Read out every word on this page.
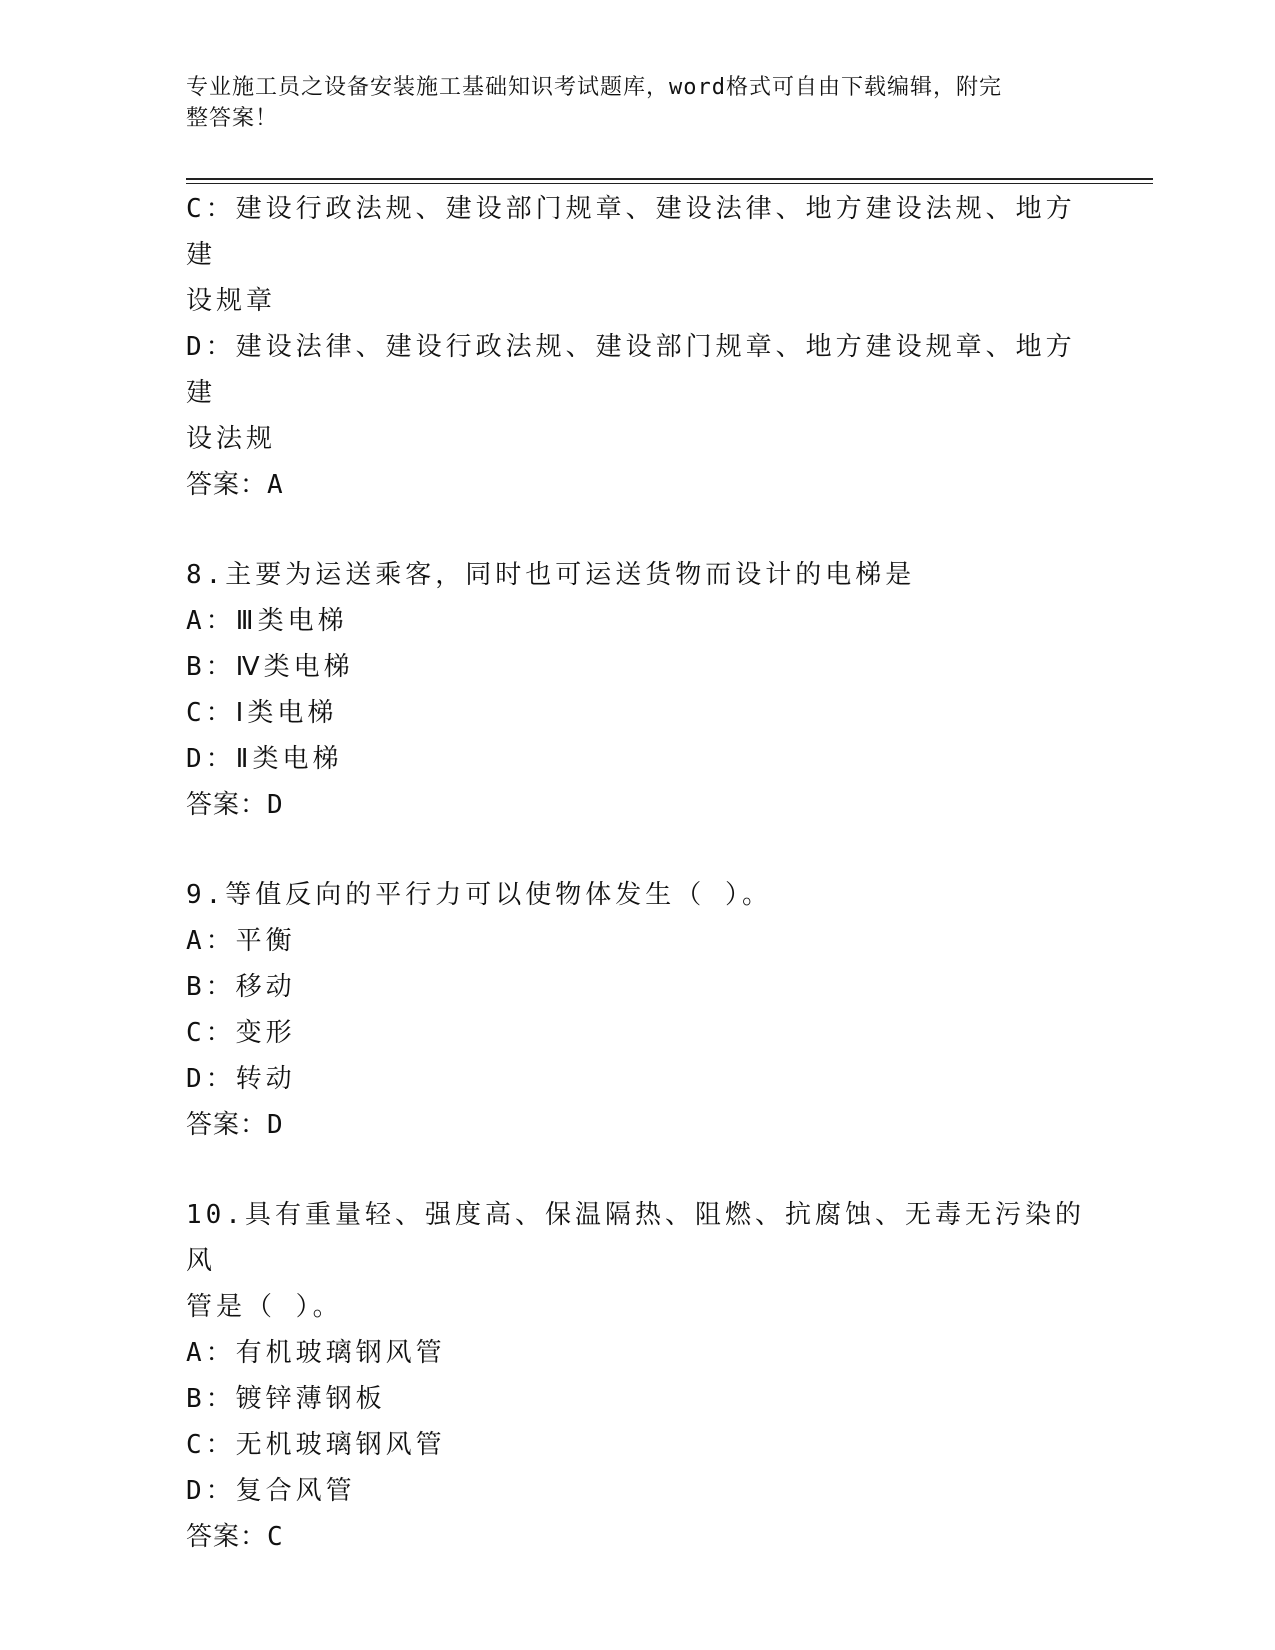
专业施工员之设备安装施工基础知识考试题库，word格式可自由下载编辑，附完
整答案！
C：建设行政法规、建设部门规章、建设法律、地方建设法规、地方建
设规章
D：建设法律、建设行政法规、建设部门规章、地方建设规章、地方建
设法规
答案：A
8.主要为运送乘客，同时也可运送货物而设计的电梯是
A：Ⅲ类电梯
B：Ⅳ类电梯
C：Ⅰ类电梯
D：Ⅱ类电梯
答案：D
9.等值反向的平行力可以使物体发生（ ）。
A：平衡
B：移动
C：变形
D：转动
答案：D
10.具有重量轻、强度高、保温隔热、阻燃、抗腐蚀、无毒无污染的风
管是（ ）。
A：有机玻璃钢风管
B：镀锌薄钢板
C：无机玻璃钢风管
D：复合风管
答案：C
